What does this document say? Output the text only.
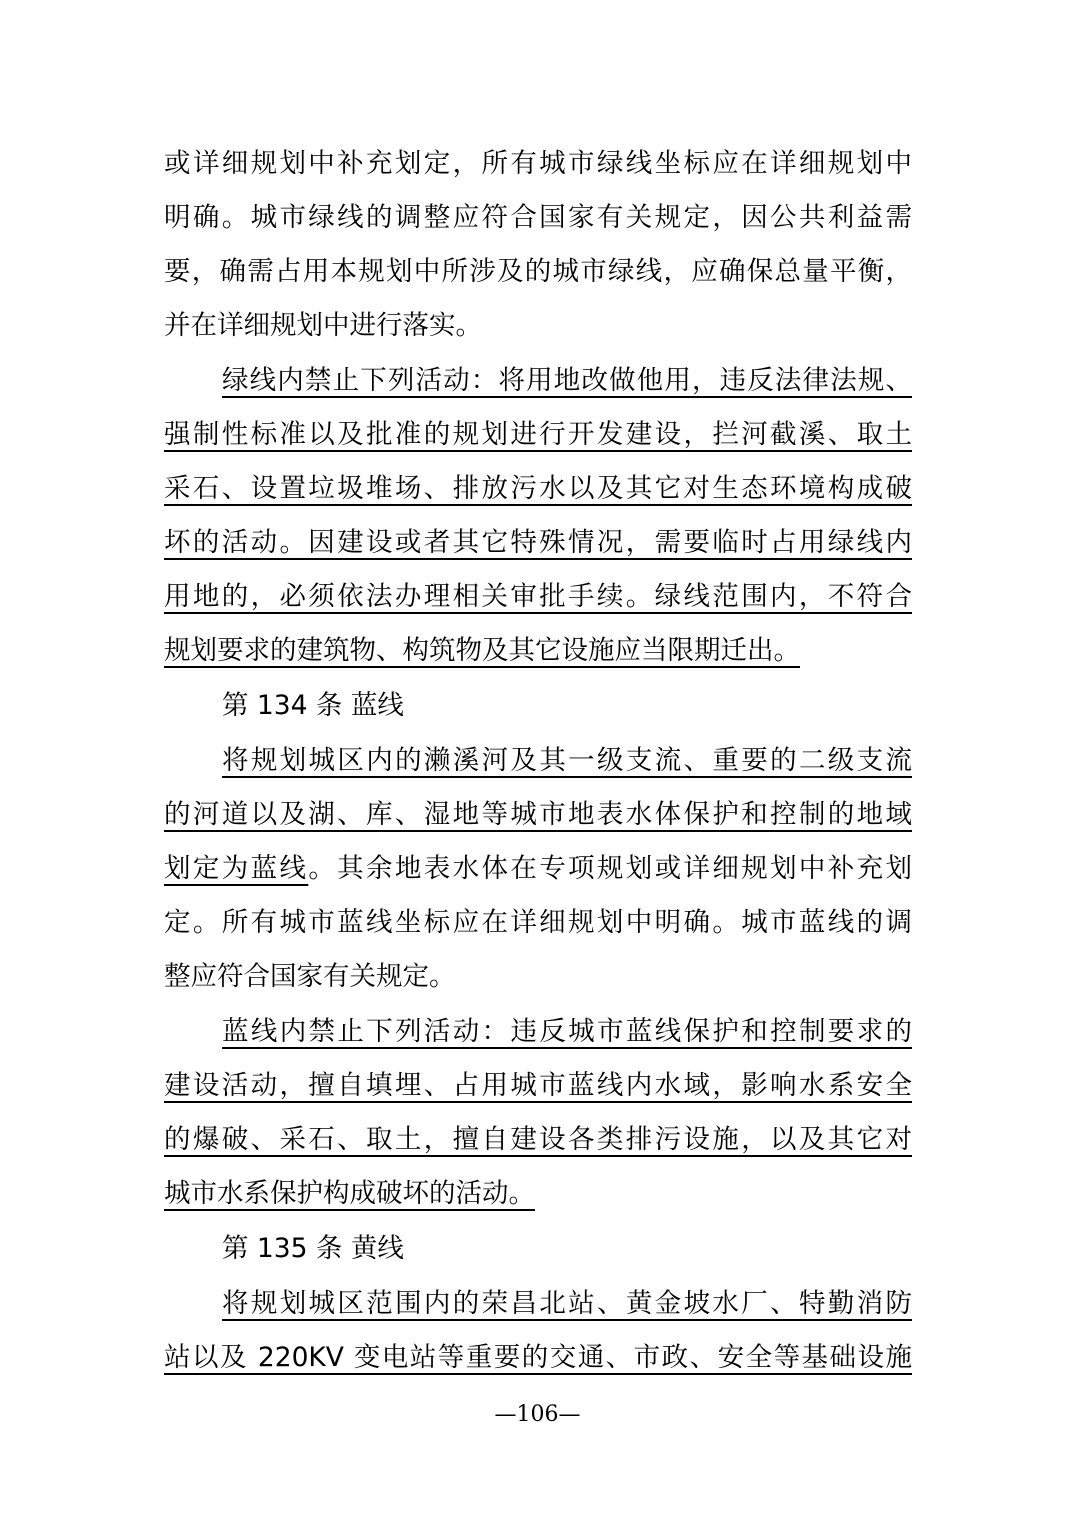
或详细规划中补充划定，所有城市绿线坐标应在详细规划中
明确。城市绿线的调整应符合国家有关规定，因公共利益需
要，确需占用本规划中所涉及的城市绿线，应确保总量平衡，
并在详细规划中进行落实。
绿线内禁止下列活动：将用地改做他用，违反法律法规、
强制性标准以及批准的规划进行开发建设，拦河截溪、取土
采石、设置垃圾堆场、排放污水以及其它对生态环境构成破
坏的活动。因建设或者其它特殊情况，需要临时占用绿线内
用地的，必须依法办理相关审批手续。绿线范围内，不符合
规划要求的建筑物、构筑物及其它设施应当限期迁出。
第 134 条 蓝线
将规划城区内的濑溪河及其一级支流、重要的二级支流
的河道以及湖、库、湿地等城市地表水体保护和控制的地域
划定为蓝线。其余地表水体在专项规划或详细规划中补充划
定。所有城市蓝线坐标应在详细规划中明确。城市蓝线的调
整应符合国家有关规定。
蓝线内禁止下列活动：违反城市蓝线保护和控制要求的
建设活动，擅自填埋、占用城市蓝线内水域，影响水系安全
的爆破、采石、取土，擅自建设各类排污设施，以及其它对
城市水系保护构成破坏的活动。
第 135 条 黄线
将规划城区范围内的荣昌北站、黄金坡水厂、特勤消防
站以及 220KV 变电站等重要的交通、市政、安全等基础设施
—106—
